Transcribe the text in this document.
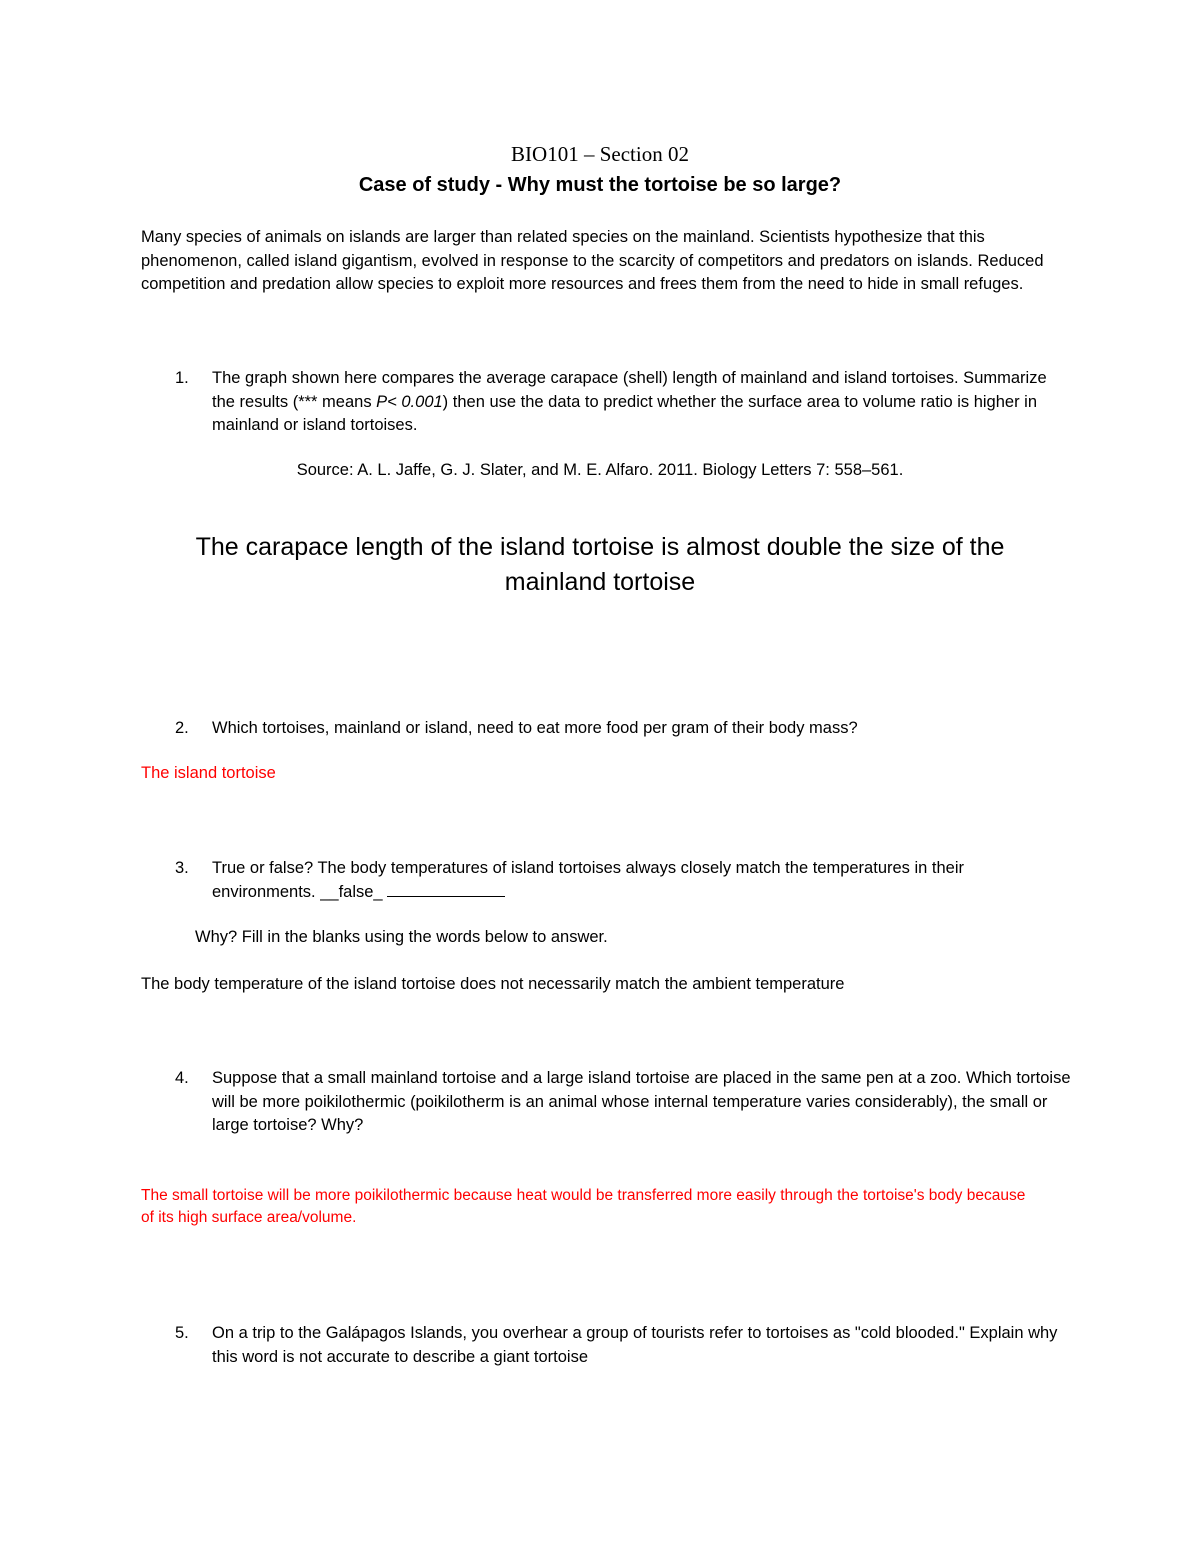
BIO101 – Section 02

Case of study - Why must the tortoise be so large?

Many species of animals on islands are larger than related species on the mainland. Scientists hypothesize that this phenomenon, called island gigantism, evolved in response to the scarcity of competitors and predators on islands. Reduced competition and predation allow species to exploit more resources and frees them from the need to hide in small refuges.

1. The graph shown here compares the average carapace (shell) length of mainland and island tortoises. Summarize the results (*** means P< 0.001) then use the data to predict whether the surface area to volume ratio is higher in mainland or island tortoises.

Source: A. L. Jaffe, G. J. Slater, and M. E. Alfaro. 2011. Biology Letters 7: 558–561.

The carapace length of the island tortoise is almost double the size of the mainland tortoise

2. Which tortoises, mainland or island, need to eat more food per gram of their body mass?

The island tortoise

3. True or false? The body temperatures of island tortoises always closely match the temperatures in their environments. __false_

Why? Fill in the blanks using the words below to answer.

The body temperature of the island tortoise does not necessarily match the ambient temperature

4. Suppose that a small mainland tortoise and a large island tortoise are placed in the same pen at a zoo. Which tortoise will be more poikilothermic (poikilotherm is an animal whose internal temperature varies considerably), the small or large tortoise? Why?

The small tortoise will be more poikilothermic because heat would be transferred more easily through the tortoise's body because of its high surface area/volume.

5. On a trip to the Galápagos Islands, you overhear a group of tourists refer to tortoises as "cold blooded." Explain why this word is not accurate to describe a giant tortoise
